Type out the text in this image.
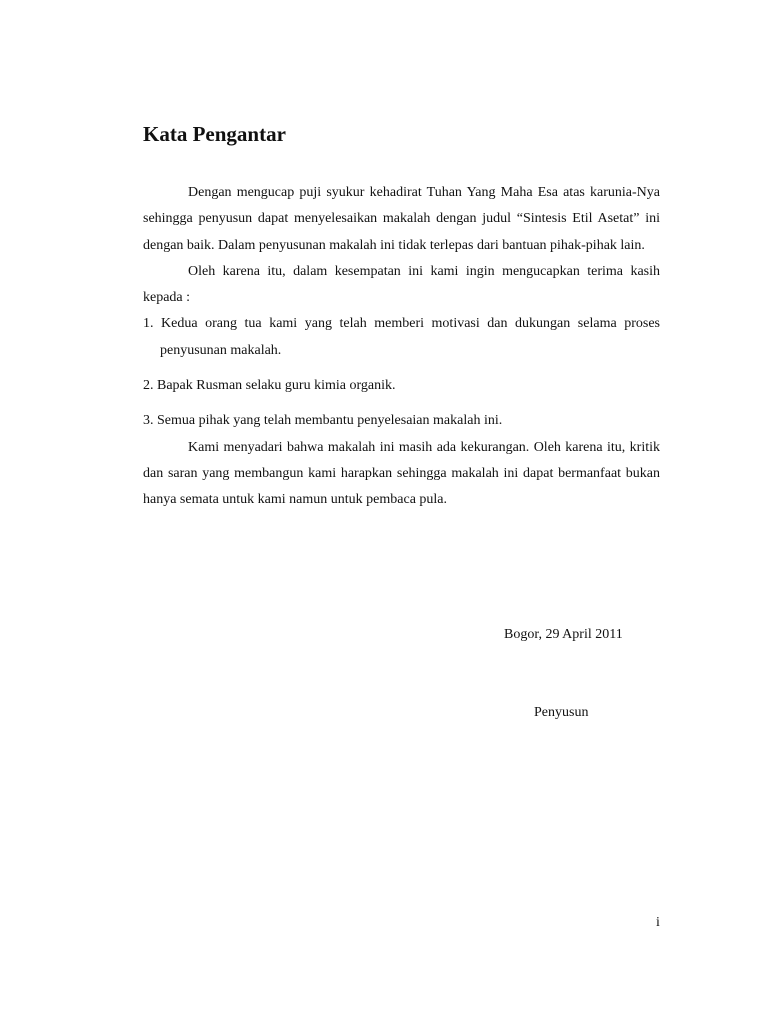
Kata Pengantar

Dengan mengucap puji syukur kehadirat Tuhan Yang Maha Esa atas karunia-Nya sehingga penyusun dapat menyelesaikan makalah dengan judul “Sintesis Etil Asetat” ini dengan baik. Dalam penyusunan makalah ini tidak terlepas dari bantuan pihak-pihak lain.

Oleh karena itu, dalam kesempatan ini kami ingin mengucapkan terima kasih kepada :

1. Kedua orang tua kami yang telah memberi motivasi dan dukungan selama proses penyusunan makalah.

2. Bapak Rusman selaku guru kimia organik.

3. Semua pihak yang telah membantu penyelesaian makalah ini.

Kami menyadari bahwa makalah ini masih ada kekurangan. Oleh karena itu, kritik dan saran yang membangun kami harapkan sehingga makalah ini dapat bermanfaat bukan hanya semata untuk kami namun untuk pembaca pula.

Bogor, 29 April 2011
Penyusun
i
